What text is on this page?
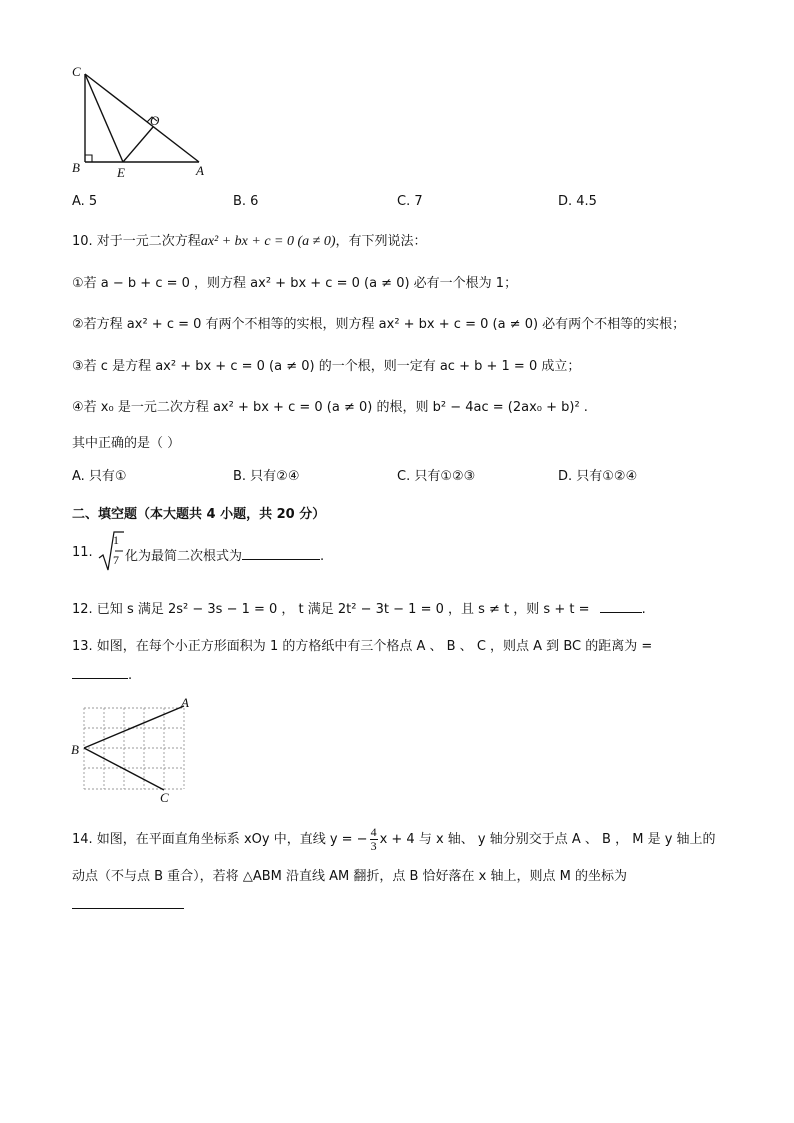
C
O
B	E	A
A. 5	B. 6	C. 7	D. 4.5
10. 对于一元二次方程ax² + bx + c = 0 (a ≠ 0)，有下列说法：
①若 a − b + c = 0 ，则方程 ax² + bx + c = 0 (a ≠ 0) 必有一个根为 1；
②若方程 ax² + c = 0 有两个不相等的实根，则方程 ax² + bx + c = 0 (a ≠ 0) 必有两个不相等的实根；
③若 c 是方程 ax² + bx + c = 0 (a ≠ 0) 的一个根，则一定有 ac + b + 1 = 0 成立；
④若 x₀ 是一元二次方程 ax² + bx + c = 0 (a ≠ 0) 的根，则 b² − 4ac = (2ax₀ + b)² .
其中正确的是（ ）
A. 只有①	B. 只有②④	C. 只有①②③	D. 只有①②④
二、填空题（本大题共 4 小题，共 20 分）
11.
1
7 化为最简二次根式为	.
12. 已知 s 满足 2s² − 3s − 1 = 0 ， t 满足 2t² − 3t − 1 = 0 ，且 s ≠ t ，则 s + t =	.
13. 如图，在每个小正方形面积为 1 的方格纸中有三个格点 A 、 B 、 C ，则点 A 到 BC 的距离为 =
.
A
B
C
14. 如图，在平面直角坐标系 xOy 中，直线 y = − $\frac{4}{3}$ x + 4 与 x 轴、 y 轴分别交于点 A 、 B ， M 是 y 轴上的
动点（不与点 B 重合），若将 △ABM 沿直线 AM 翻折，点 B 恰好落在 x 轴上，则点 M 的坐标为
